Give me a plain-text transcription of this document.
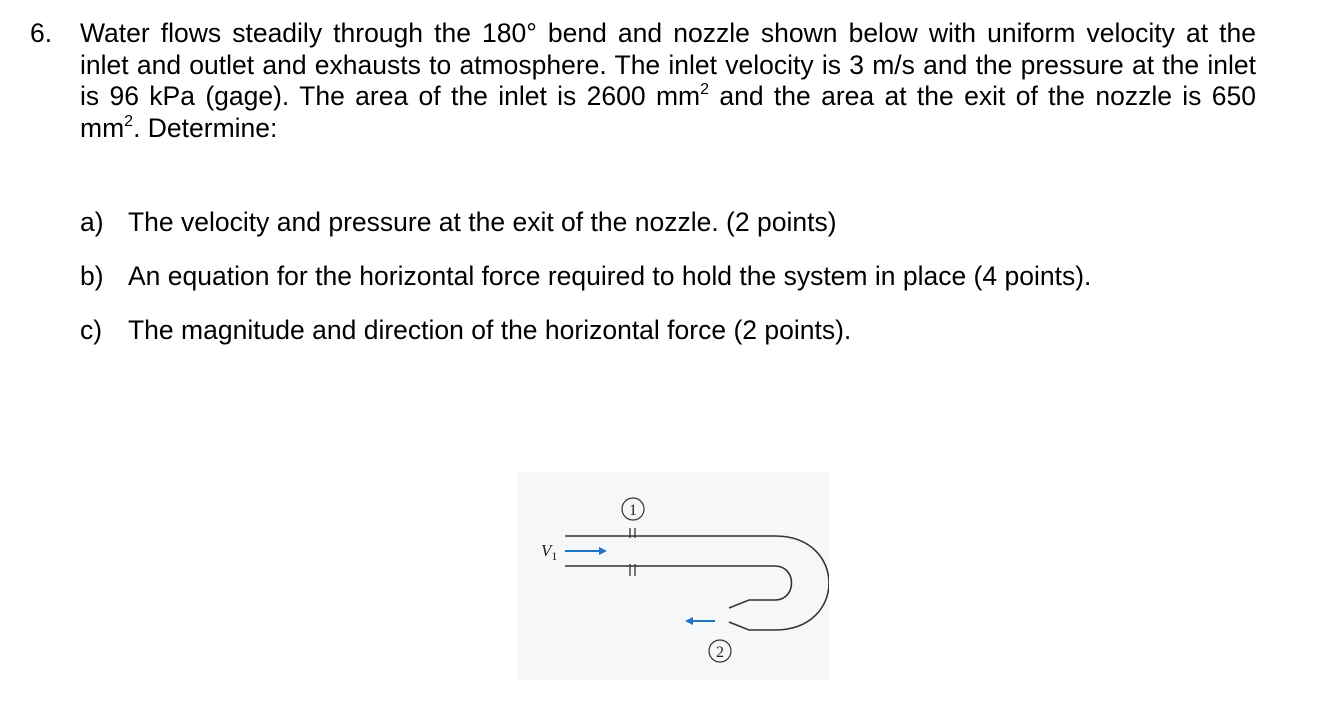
6.	Water flows steadily through the 180° bend and nozzle shown below with uniform velocity at the inlet and outlet and exhausts to atmosphere. The inlet velocity is 3 m/s and the pressure at the inlet is 96 kPa (gage). The area of the inlet is 2600 $mm^2$ and the area at the exit of the nozzle is 650 $mm^2$. Determine:
a) The velocity and pressure at the exit of the nozzle. (2 points)
b) An equation for the horizontal force required to hold the system in place (4 points).
c) The magnitude and direction of the horizontal force (2 points).
1
2
$V_1$
